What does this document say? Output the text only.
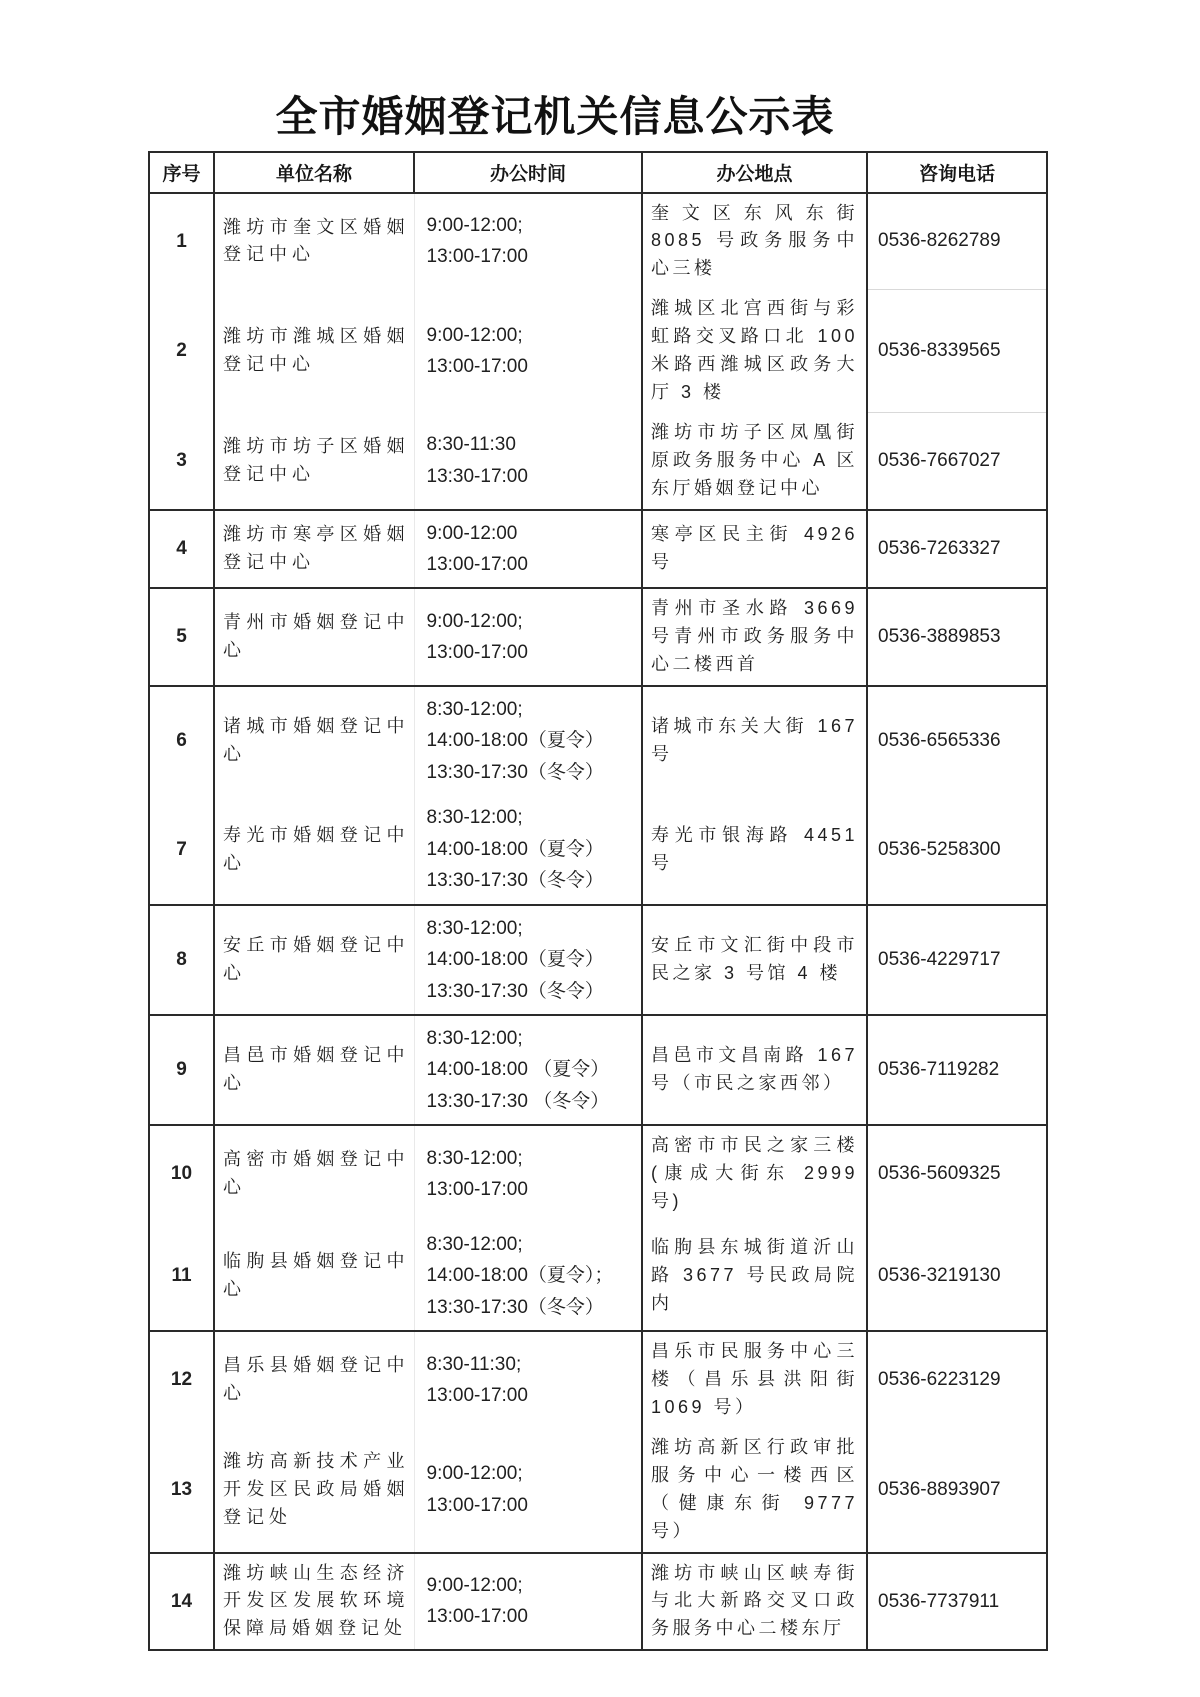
全市婚姻登记机关信息公示表
序号	单位名称	办公时间	办公地点	咨询电话
1	潍坊市奎文区婚姻登记中心	9:00-12:00;
13:00-17:00	奎文区东风东街 8085 号政务服务中心三楼	0536-8262789
2	潍坊市潍城区婚姻登记中心	9:00-12:00;
13:00-17:00	潍城区北宫西街与彩虹路交叉路口北 100 米路西潍城区政务大厅 3 楼	0536-8339565
3	潍坊市坊子区婚姻登记中心	8:30-11:30
13:30-17:00	潍坊市坊子区凤凰街原政务服务中心 A 区东厅婚姻登记中心	0536-7667027
4	潍坊市寒亭区婚姻登记中心	9:00-12:00
13:00-17:00	寒亭区民主街 4926 号	0536-7263327
5	青州市婚姻登记中心	9:00-12:00;
13:00-17:00	青州市圣水路 3669 号青州市政务服务中心二楼西首	0536-3889853
6	诸城市婚姻登记中心	8:30-12:00;
14:00-18:00（夏令）
13:30-17:30（冬令）	诸城市东关大街 167 号	0536-6565336
7	寿光市婚姻登记中心	8:30-12:00;
14:00-18:00（夏令）
13:30-17:30（冬令）	寿光市银海路 4451 号	0536-5258300
8	安丘市婚姻登记中心	8:30-12:00;
14:00-18:00（夏令）
13:30-17:30（冬令）	安丘市文汇街中段市民之家 3 号馆 4 楼	0536-4229717
9	昌邑市婚姻登记中心	8:30-12:00;
14:00-18:00 （夏令）
13:30-17:30 （冬令）	昌邑市文昌南路 167 号（市民之家西邻）	0536-7119282
10	高密市婚姻登记中心	8:30-12:00;
13:00-17:00	高密市市民之家三楼(康成大街东 2999 号)	0536-5609325
11	临朐县婚姻登记中心	8:30-12:00;
14:00-18:00（夏令）；
13:30-17:30（冬令）	临朐县东城街道沂山路 3677 号民政局院内	0536-3219130
12	昌乐县婚姻登记中心	8:30-11:30;
13:00-17:00	昌乐市民服务中心三楼（昌乐县洪阳街 1069 号）	0536-6223129
13	潍坊高新技术产业开发区民政局婚姻登记处	9:00-12:00;
13:00-17:00	潍坊高新区行政审批服务中心一楼西区（健康东街 9777 号）	0536-8893907
14	潍坊峡山生态经济开发区发展软环境保障局婚姻登记处	9:00-12:00;
13:00-17:00	潍坊市峡山区峡寿街与北大新路交叉口政务服务中心二楼东厅	0536-7737911
